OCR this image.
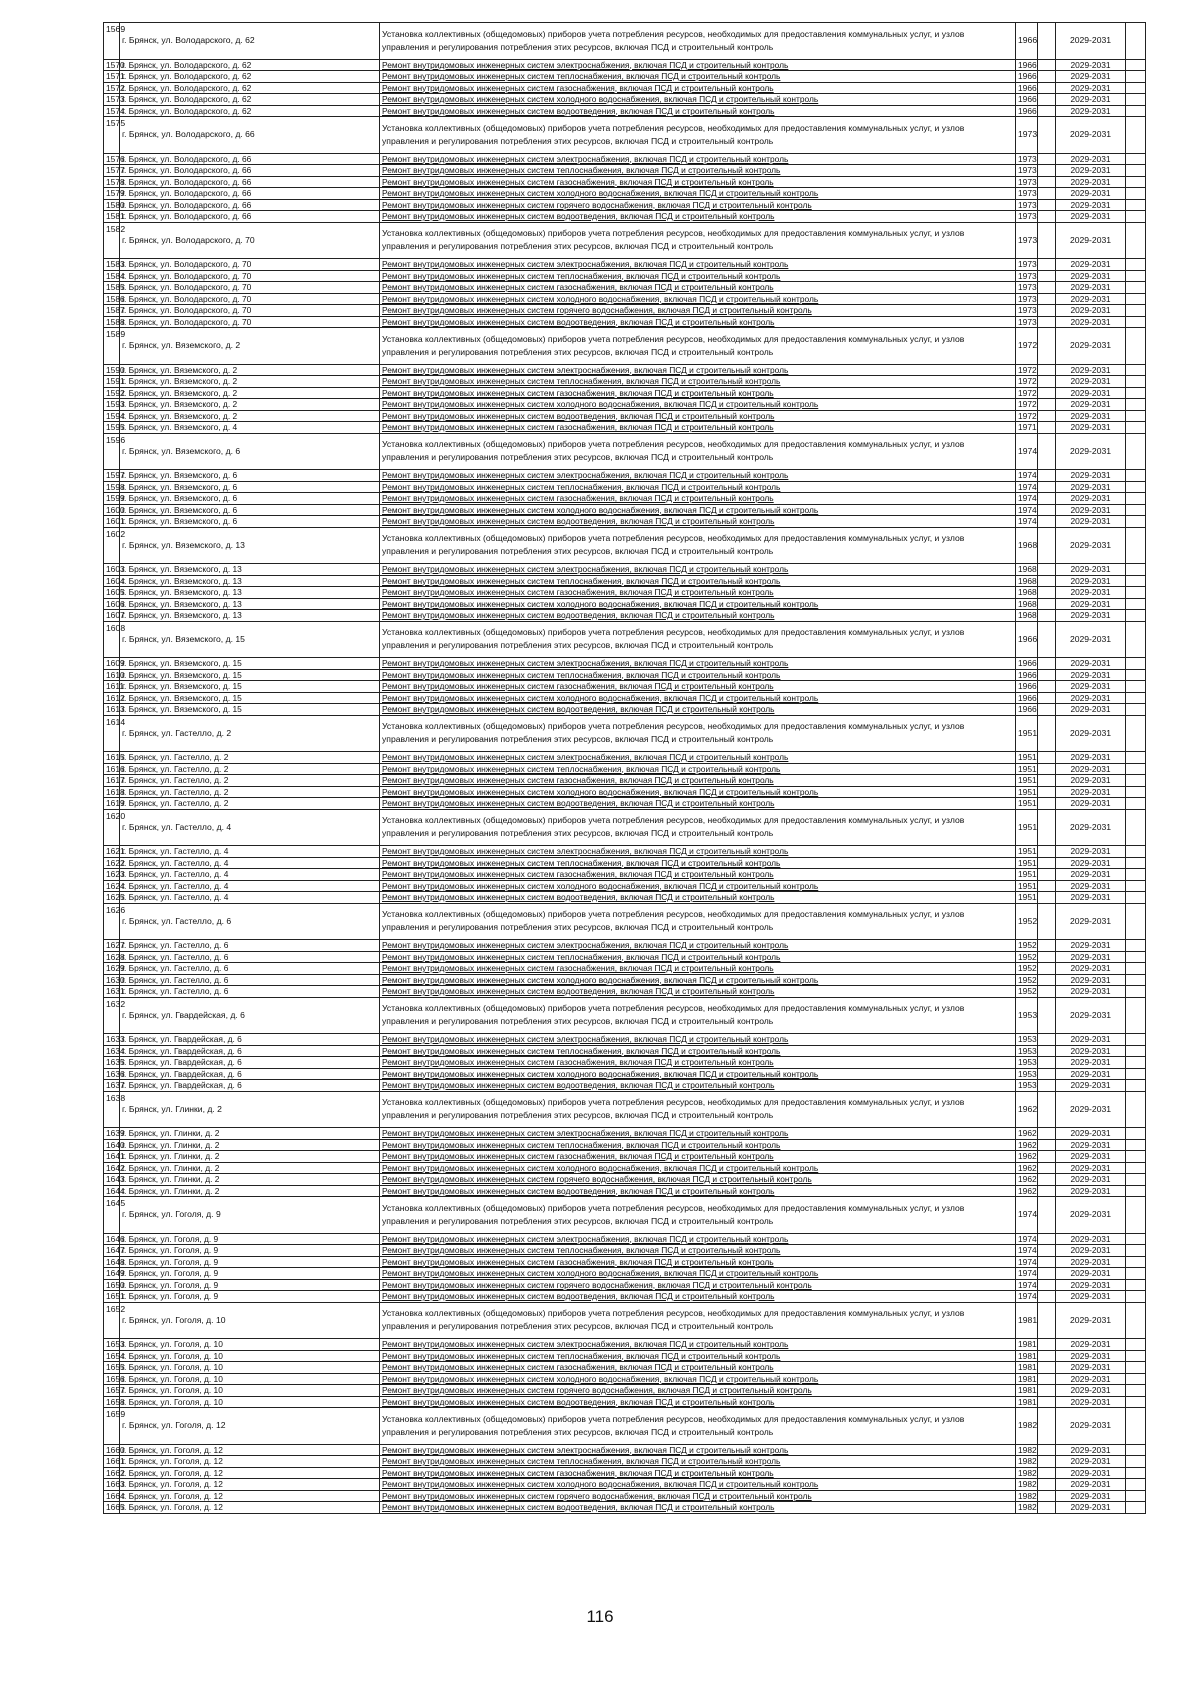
1569	г. Брянск, ул. Володарского, д. 62	Установка коллективных (общедомовых) приборов учета потребления ресурсов, необходимых для предоставления коммунальных услуг, и узлов управления и регулирования потребления этих ресурсов, включая ПСД и строительный контроль	1966		2029-2031	
1570	г. Брянск, ул. Володарского, д. 62	Ремонт внутридомовых инженерных систем электроснабжения, включая ПСД и строительный контроль	1966		2029-2031	
1571	г. Брянск, ул. Володарского, д. 62	Ремонт внутридомовых инженерных систем теплоснабжения, включая ПСД и строительный контроль	1966		2029-2031	
1572	г. Брянск, ул. Володарского, д. 62	Ремонт внутридомовых инженерных систем газоснабжения, включая ПСД и строительный контроль	1966		2029-2031	
1573	г. Брянск, ул. Володарского, д. 62	Ремонт внутридомовых инженерных систем холодного водоснабжения, включая ПСД и строительный контроль	1966		2029-2031	
1574	г. Брянск, ул. Володарского, д. 62	Ремонт внутридомовых инженерных систем водоотведения, включая ПСД и строительный контроль	1966		2029-2031	
1575	г. Брянск, ул. Володарского, д. 66	Установка коллективных (общедомовых) приборов учета потребления ресурсов, необходимых для предоставления коммунальных услуг, и узлов управления и регулирования потребления этих ресурсов, включая ПСД и строительный контроль	1973		2029-2031	
1576	г. Брянск, ул. Володарского, д. 66	Ремонт внутридомовых инженерных систем электроснабжения, включая ПСД и строительный контроль	1973		2029-2031	
1577	г. Брянск, ул. Володарского, д. 66	Ремонт внутридомовых инженерных систем теплоснабжения, включая ПСД и строительный контроль	1973		2029-2031	
1578	г. Брянск, ул. Володарского, д. 66	Ремонт внутридомовых инженерных систем газоснабжения, включая ПСД и строительный контроль	1973		2029-2031	
1579	г. Брянск, ул. Володарского, д. 66	Ремонт внутридомовых инженерных систем холодного водоснабжения, включая ПСД и строительный контроль	1973		2029-2031	
1580	г. Брянск, ул. Володарского, д. 66	Ремонт внутридомовых инженерных систем горячего водоснабжения, включая ПСД и строительный контроль	1973		2029-2031	
1581	г. Брянск, ул. Володарского, д. 66	Ремонт внутридомовых инженерных систем водоотведения, включая ПСД и строительный контроль	1973		2029-2031	
1582	г. Брянск, ул. Володарского, д. 70	Установка коллективных (общедомовых) приборов учета потребления ресурсов, необходимых для предоставления коммунальных услуг, и узлов управления и регулирования потребления этих ресурсов, включая ПСД и строительный контроль	1973		2029-2031	
1583	г. Брянск, ул. Володарского, д. 70	Ремонт внутридомовых инженерных систем электроснабжения, включая ПСД и строительный контроль	1973		2029-2031	
1584	г. Брянск, ул. Володарского, д. 70	Ремонт внутридомовых инженерных систем теплоснабжения, включая ПСД и строительный контроль	1973		2029-2031	
1585	г. Брянск, ул. Володарского, д. 70	Ремонт внутридомовых инженерных систем газоснабжения, включая ПСД и строительный контроль	1973		2029-2031	
1586	г. Брянск, ул. Володарского, д. 70	Ремонт внутридомовых инженерных систем холодного водоснабжения, включая ПСД и строительный контроль	1973		2029-2031	
1587	г. Брянск, ул. Володарского, д. 70	Ремонт внутридомовых инженерных систем горячего водоснабжения, включая ПСД и строительный контроль	1973		2029-2031	
1588	г. Брянск, ул. Володарского, д. 70	Ремонт внутридомовых инженерных систем водоотведения, включая ПСД и строительный контроль	1973		2029-2031	
1589	г. Брянск, ул. Вяземского, д. 2	Установка коллективных (общедомовых) приборов учета потребления ресурсов, необходимых для предоставления коммунальных услуг, и узлов управления и регулирования потребления этих ресурсов, включая ПСД и строительный контроль	1972		2029-2031	
1590	г. Брянск, ул. Вяземского, д. 2	Ремонт внутридомовых инженерных систем электроснабжения, включая ПСД и строительный контроль	1972		2029-2031	
1591	г. Брянск, ул. Вяземского, д. 2	Ремонт внутридомовых инженерных систем теплоснабжения, включая ПСД и строительный контроль	1972		2029-2031	
1592	г. Брянск, ул. Вяземского, д. 2	Ремонт внутридомовых инженерных систем газоснабжения, включая ПСД и строительный контроль	1972		2029-2031	
1593	г. Брянск, ул. Вяземского, д. 2	Ремонт внутридомовых инженерных систем холодного водоснабжения, включая ПСД и строительный контроль	1972		2029-2031	
1594	г. Брянск, ул. Вяземского, д. 2	Ремонт внутридомовых инженерных систем водоотведения, включая ПСД и строительный контроль	1972		2029-2031	
1595	г. Брянск, ул. Вяземского, д. 4	Ремонт внутридомовых инженерных систем газоснабжения, включая ПСД и строительный контроль	1971		2029-2031	
1596	г. Брянск, ул. Вяземского, д. 6	Установка коллективных (общедомовых) приборов учета потребления ресурсов, необходимых для предоставления коммунальных услуг, и узлов управления и регулирования потребления этих ресурсов, включая ПСД и строительный контроль	1974		2029-2031	
1597	г. Брянск, ул. Вяземского, д. 6	Ремонт внутридомовых инженерных систем электроснабжения, включая ПСД и строительный контроль	1974		2029-2031	
1598	г. Брянск, ул. Вяземского, д. 6	Ремонт внутридомовых инженерных систем теплоснабжения, включая ПСД и строительный контроль	1974		2029-2031	
1599	г. Брянск, ул. Вяземского, д. 6	Ремонт внутридомовых инженерных систем газоснабжения, включая ПСД и строительный контроль	1974		2029-2031	
1600	г. Брянск, ул. Вяземского, д. 6	Ремонт внутридомовых инженерных систем холодного водоснабжения, включая ПСД и строительный контроль	1974		2029-2031	
1601	г. Брянск, ул. Вяземского, д. 6	Ремонт внутридомовых инженерных систем водоотведения, включая ПСД и строительный контроль	1974		2029-2031	
1602	г. Брянск, ул. Вяземского, д. 13	Установка коллективных (общедомовых) приборов учета потребления ресурсов, необходимых для предоставления коммунальных услуг, и узлов управления и регулирования потребления этих ресурсов, включая ПСД и строительный контроль	1968		2029-2031	
1603	г. Брянск, ул. Вяземского, д. 13	Ремонт внутридомовых инженерных систем электроснабжения, включая ПСД и строительный контроль	1968		2029-2031	
1604	г. Брянск, ул. Вяземского, д. 13	Ремонт внутридомовых инженерных систем теплоснабжения, включая ПСД и строительный контроль	1968		2029-2031	
1605	г. Брянск, ул. Вяземского, д. 13	Ремонт внутридомовых инженерных систем газоснабжения, включая ПСД и строительный контроль	1968		2029-2031	
1606	г. Брянск, ул. Вяземского, д. 13	Ремонт внутридомовых инженерных систем холодного водоснабжения, включая ПСД и строительный контроль	1968		2029-2031	
1607	г. Брянск, ул. Вяземского, д. 13	Ремонт внутридомовых инженерных систем водоотведения, включая ПСД и строительный контроль	1968		2029-2031	
1608	г. Брянск, ул. Вяземского, д. 15	Установка коллективных (общедомовых) приборов учета потребления ресурсов, необходимых для предоставления коммунальных услуг, и узлов управления и регулирования потребления этих ресурсов, включая ПСД и строительный контроль	1966		2029-2031	
1609	г. Брянск, ул. Вяземского, д. 15	Ремонт внутридомовых инженерных систем электроснабжения, включая ПСД и строительный контроль	1966		2029-2031	
1610	г. Брянск, ул. Вяземского, д. 15	Ремонт внутридомовых инженерных систем теплоснабжения, включая ПСД и строительный контроль	1966		2029-2031	
1611	г. Брянск, ул. Вяземского, д. 15	Ремонт внутридомовых инженерных систем газоснабжения, включая ПСД и строительный контроль	1966		2029-2031	
1612	г. Брянск, ул. Вяземского, д. 15	Ремонт внутридомовых инженерных систем холодного водоснабжения, включая ПСД и строительный контроль	1966		2029-2031	
1613	г. Брянск, ул. Вяземского, д. 15	Ремонт внутридомовых инженерных систем водоотведения, включая ПСД и строительный контроль	1966		2029-2031	
1614	г. Брянск, ул. Гастелло, д. 2	Установка коллективных (общедомовых) приборов учета потребления ресурсов, необходимых для предоставления коммунальных услуг, и узлов управления и регулирования потребления этих ресурсов, включая ПСД и строительный контроль	1951		2029-2031	
1615	г. Брянск, ул. Гастелло, д. 2	Ремонт внутридомовых инженерных систем электроснабжения, включая ПСД и строительный контроль	1951		2029-2031	
1616	г. Брянск, ул. Гастелло, д. 2	Ремонт внутридомовых инженерных систем теплоснабжения, включая ПСД и строительный контроль	1951		2029-2031	
1617	г. Брянск, ул. Гастелло, д. 2	Ремонт внутридомовых инженерных систем газоснабжения, включая ПСД и строительный контроль	1951		2029-2031	
1618	г. Брянск, ул. Гастелло, д. 2	Ремонт внутридомовых инженерных систем холодного водоснабжения, включая ПСД и строительный контроль	1951		2029-2031	
1619	г. Брянск, ул. Гастелло, д. 2	Ремонт внутридомовых инженерных систем водоотведения, включая ПСД и строительный контроль	1951		2029-2031	
1620	г. Брянск, ул. Гастелло, д. 4	Установка коллективных (общедомовых) приборов учета потребления ресурсов, необходимых для предоставления коммунальных услуг, и узлов управления и регулирования потребления этих ресурсов, включая ПСД и строительный контроль	1951		2029-2031	
1621	г. Брянск, ул. Гастелло, д. 4	Ремонт внутридомовых инженерных систем электроснабжения, включая ПСД и строительный контроль	1951		2029-2031	
1622	г. Брянск, ул. Гастелло, д. 4	Ремонт внутридомовых инженерных систем теплоснабжения, включая ПСД и строительный контроль	1951		2029-2031	
1623	г. Брянск, ул. Гастелло, д. 4	Ремонт внутридомовых инженерных систем газоснабжения, включая ПСД и строительный контроль	1951		2029-2031	
1624	г. Брянск, ул. Гастелло, д. 4	Ремонт внутридомовых инженерных систем холодного водоснабжения, включая ПСД и строительный контроль	1951		2029-2031	
1625	г. Брянск, ул. Гастелло, д. 4	Ремонт внутридомовых инженерных систем водоотведения, включая ПСД и строительный контроль	1951		2029-2031	
1626	г. Брянск, ул. Гастелло, д. 6	Установка коллективных (общедомовых) приборов учета потребления ресурсов, необходимых для предоставления коммунальных услуг, и узлов управления и регулирования потребления этих ресурсов, включая ПСД и строительный контроль	1952		2029-2031	
1627	г. Брянск, ул. Гастелло, д. 6	Ремонт внутридомовых инженерных систем электроснабжения, включая ПСД и строительный контроль	1952		2029-2031	
1628	г. Брянск, ул. Гастелло, д. 6	Ремонт внутридомовых инженерных систем теплоснабжения, включая ПСД и строительный контроль	1952		2029-2031	
1629	г. Брянск, ул. Гастелло, д. 6	Ремонт внутридомовых инженерных систем газоснабжения, включая ПСД и строительный контроль	1952		2029-2031	
1630	г. Брянск, ул. Гастелло, д. 6	Ремонт внутридомовых инженерных систем холодного водоснабжения, включая ПСД и строительный контроль	1952		2029-2031	
1631	г. Брянск, ул. Гастелло, д. 6	Ремонт внутридомовых инженерных систем водоотведения, включая ПСД и строительный контроль	1952		2029-2031	
1632	г. Брянск, ул. Гвардейская, д. 6	Установка коллективных (общедомовых) приборов учета потребления ресурсов, необходимых для предоставления коммунальных услуг, и узлов управления и регулирования потребления этих ресурсов, включая ПСД и строительный контроль	1953		2029-2031	
1633	г. Брянск, ул. Гвардейская, д. 6	Ремонт внутридомовых инженерных систем электроснабжения, включая ПСД и строительный контроль	1953		2029-2031	
1634	г. Брянск, ул. Гвардейская, д. 6	Ремонт внутридомовых инженерных систем теплоснабжения, включая ПСД и строительный контроль	1953		2029-2031	
1635	г. Брянск, ул. Гвардейская, д. 6	Ремонт внутридомовых инженерных систем газоснабжения, включая ПСД и строительный контроль	1953		2029-2031	
1636	г. Брянск, ул. Гвардейская, д. 6	Ремонт внутридомовых инженерных систем холодного водоснабжения, включая ПСД и строительный контроль	1953		2029-2031	
1637	г. Брянск, ул. Гвардейская, д. 6	Ремонт внутридомовых инженерных систем водоотведения, включая ПСД и строительный контроль	1953		2029-2031	
1638	г. Брянск, ул. Глинки, д. 2	Установка коллективных (общедомовых) приборов учета потребления ресурсов, необходимых для предоставления коммунальных услуг, и узлов управления и регулирования потребления этих ресурсов, включая ПСД и строительный контроль	1962		2029-2031	
1639	г. Брянск, ул. Глинки, д. 2	Ремонт внутридомовых инженерных систем электроснабжения, включая ПСД и строительный контроль	1962		2029-2031	
1640	г. Брянск, ул. Глинки, д. 2	Ремонт внутридомовых инженерных систем теплоснабжения, включая ПСД и строительный контроль	1962		2029-2031	
1641	г. Брянск, ул. Глинки, д. 2	Ремонт внутридомовых инженерных систем газоснабжения, включая ПСД и строительный контроль	1962		2029-2031	
1642	г. Брянск, ул. Глинки, д. 2	Ремонт внутридомовых инженерных систем холодного водоснабжения, включая ПСД и строительный контроль	1962		2029-2031	
1643	г. Брянск, ул. Глинки, д. 2	Ремонт внутридомовых инженерных систем горячего водоснабжения, включая ПСД и строительный контроль	1962		2029-2031	
1644	г. Брянск, ул. Глинки, д. 2	Ремонт внутридомовых инженерных систем водоотведения, включая ПСД и строительный контроль	1962		2029-2031	
1645	г. Брянск, ул. Гоголя, д. 9	Установка коллективных (общедомовых) приборов учета потребления ресурсов, необходимых для предоставления коммунальных услуг, и узлов управления и регулирования потребления этих ресурсов, включая ПСД и строительный контроль	1974		2029-2031	
1646	г. Брянск, ул. Гоголя, д. 9	Ремонт внутридомовых инженерных систем электроснабжения, включая ПСД и строительный контроль	1974		2029-2031	
1647	г. Брянск, ул. Гоголя, д. 9	Ремонт внутридомовых инженерных систем теплоснабжения, включая ПСД и строительный контроль	1974		2029-2031	
1648	г. Брянск, ул. Гоголя, д. 9	Ремонт внутридомовых инженерных систем газоснабжения, включая ПСД и строительный контроль	1974		2029-2031	
1649	г. Брянск, ул. Гоголя, д. 9	Ремонт внутридомовых инженерных систем холодного водоснабжения, включая ПСД и строительный контроль	1974		2029-2031	
1650	г. Брянск, ул. Гоголя, д. 9	Ремонт внутридомовых инженерных систем горячего водоснабжения, включая ПСД и строительный контроль	1974		2029-2031	
1651	г. Брянск, ул. Гоголя, д. 9	Ремонт внутридомовых инженерных систем водоотведения, включая ПСД и строительный контроль	1974		2029-2031	
1652	г. Брянск, ул. Гоголя, д. 10	Установка коллективных (общедомовых) приборов учета потребления ресурсов, необходимых для предоставления коммунальных услуг, и узлов управления и регулирования потребления этих ресурсов, включая ПСД и строительный контроль	1981		2029-2031	
1653	г. Брянск, ул. Гоголя, д. 10	Ремонт внутридомовых инженерных систем электроснабжения, включая ПСД и строительный контроль	1981		2029-2031	
1654	г. Брянск, ул. Гоголя, д. 10	Ремонт внутридомовых инженерных систем теплоснабжения, включая ПСД и строительный контроль	1981		2029-2031	
1655	г. Брянск, ул. Гоголя, д. 10	Ремонт внутридомовых инженерных систем газоснабжения, включая ПСД и строительный контроль	1981		2029-2031	
1656	г. Брянск, ул. Гоголя, д. 10	Ремонт внутридомовых инженерных систем холодного водоснабжения, включая ПСД и строительный контроль	1981		2029-2031	
1657	г. Брянск, ул. Гоголя, д. 10	Ремонт внутридомовых инженерных систем горячего водоснабжения, включая ПСД и строительный контроль	1981		2029-2031	
1658	г. Брянск, ул. Гоголя, д. 10	Ремонт внутридомовых инженерных систем водоотведения, включая ПСД и строительный контроль	1981		2029-2031	
1659	г. Брянск, ул. Гоголя, д. 12	Установка коллективных (общедомовых) приборов учета потребления ресурсов, необходимых для предоставления коммунальных услуг, и узлов управления и регулирования потребления этих ресурсов, включая ПСД и строительный контроль	1982		2029-2031	
1660	г. Брянск, ул. Гоголя, д. 12	Ремонт внутридомовых инженерных систем электроснабжения, включая ПСД и строительный контроль	1982		2029-2031	
1661	г. Брянск, ул. Гоголя, д. 12	Ремонт внутридомовых инженерных систем теплоснабжения, включая ПСД и строительный контроль	1982		2029-2031	
1662	г. Брянск, ул. Гоголя, д. 12	Ремонт внутридомовых инженерных систем газоснабжения, включая ПСД и строительный контроль	1982		2029-2031	
1663	г. Брянск, ул. Гоголя, д. 12	Ремонт внутридомовых инженерных систем холодного водоснабжения, включая ПСД и строительный контроль	1982		2029-2031	
1664	г. Брянск, ул. Гоголя, д. 12	Ремонт внутридомовых инженерных систем горячего водоснабжения, включая ПСД и строительный контроль	1982		2029-2031	
1665	г. Брянск, ул. Гоголя, д. 12	Ремонт внутридомовых инженерных систем водоотведения, включая ПСД и строительный контроль	1982		2029-2031	
116
